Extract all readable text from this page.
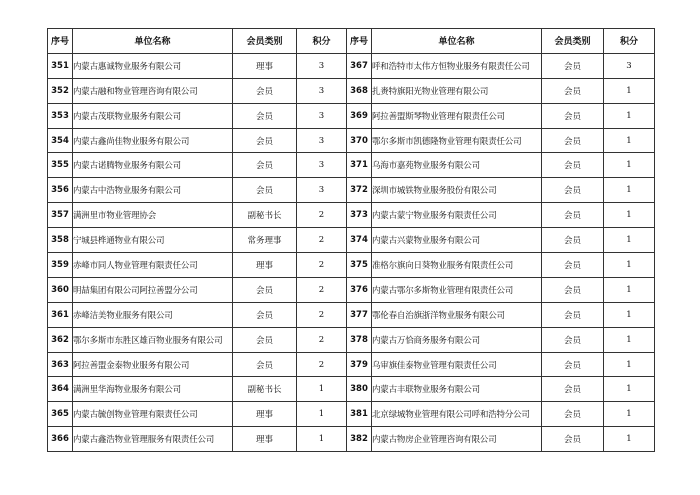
序号	单位名称	会员类别	积分	序号	单位名称	会员类别	积分
351	内蒙古惠诚物业服务有限公司	理事	3	367	呼和浩特市太伟方恒物业服务有限责任公司	会员	3
352	内蒙古融和物业管理咨询有限公司	会员	3	368	扎赉特旗阳光物业管理有限公司	会员	1
353	内蒙古茂联物业服务有限公司	会员	3	369	阿拉善盟斯琴物业管理有限责任公司	会员	1
354	内蒙古鑫尚佳物业服务有限公司	会员	3	370	鄂尔多斯市凯德隆物业管理有限责任公司	会员	1
355	内蒙古诺腾物业服务有限公司	会员	3	371	乌海市嘉苑物业服务有限公司	会员	1
356	内蒙古中浩物业服务有限公司	会员	3	372	深圳市城铁物业服务股份有限公司	会员	1
357	满洲里市物业管理协会	副秘书长	2	373	内蒙古蒙宁物业服务有限责任公司	会员	1
358	宁城县桦通物业有限公司	常务理事	2	374	内蒙古兴蒙物业服务有限公司	会员	1
359	赤峰市同人物业管理有限责任公司	理事	2	375	准格尔旗向日葵物业服务有限责任公司	会员	1
360	明喆集团有限公司阿拉善盟分公司	会员	2	376	内蒙古鄂尔多斯物业管理有限责任公司	会员	1
361	赤峰洁美物业服务有限公司	会员	2	377	鄂伦春自治旗浙洋物业服务有限公司	会员	1
362	鄂尔多斯市东胜区雄百物业服务有限公司	会员	2	378	内蒙古万恰商务服务有限公司	会员	1
363	阿拉善盟金泰物业服务有限公司	会员	2	379	乌审旗佳泰物业管理有限责任公司	会员	1
364	满洲里华海物业服务有限公司	副秘书长	1	380	内蒙古丰联物业服务有限公司	会员	1
365	内蒙古毓创物业管理有限责任公司	理事	1	381	北京绿城物业管理有限公司呼和浩特分公司	会员	1
366	内蒙古鑫浩物业管理服务有限责任公司	理事	1	382	内蒙古物房企业管理咨询有限公司	会员	1
